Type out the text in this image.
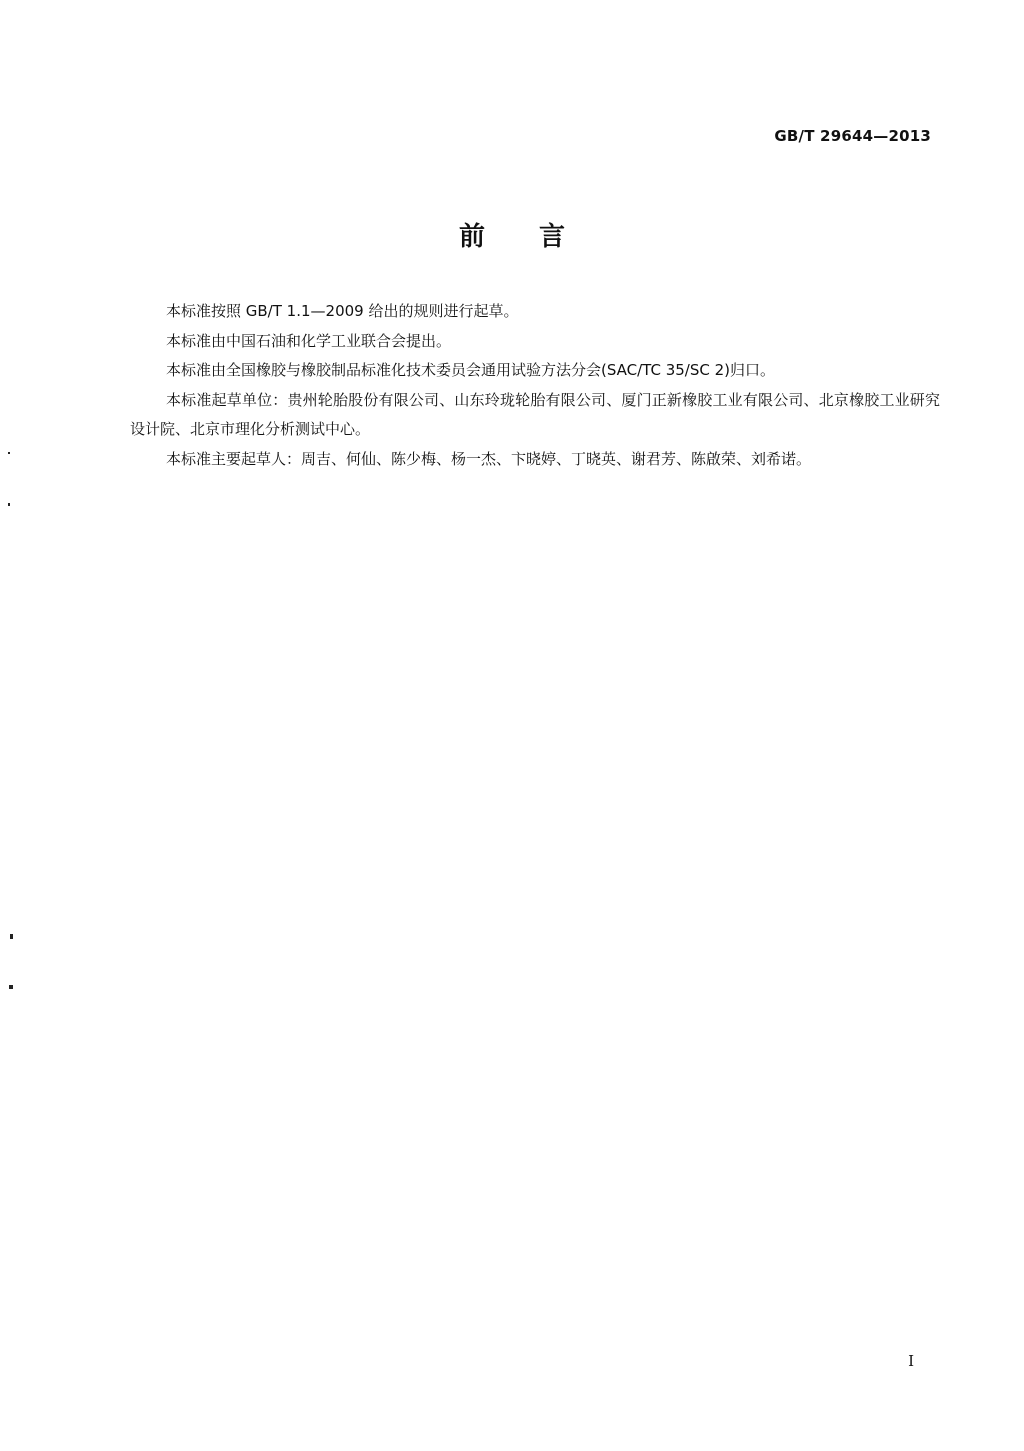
GB/T 29644—2013
前 言

本标准按照 GB/T 1.1—2009 给出的规则进行起草。

本标准由中国石油和化学工业联合会提出。

本标准由全国橡胶与橡胶制品标准化技术委员会通用试验方法分会(SAC/TC 35/SC 2)归口。

本标准起草单位：贵州轮胎股份有限公司、山东玲珑轮胎有限公司、厦门正新橡胶工业有限公司、北京橡胶工业研究设计院、北京市理化分析测试中心。

本标准主要起草人：周吉、何仙、陈少梅、杨一杰、卞晓婷、丁晓英、谢君芳、陈啟荣、刘希诺。

I
